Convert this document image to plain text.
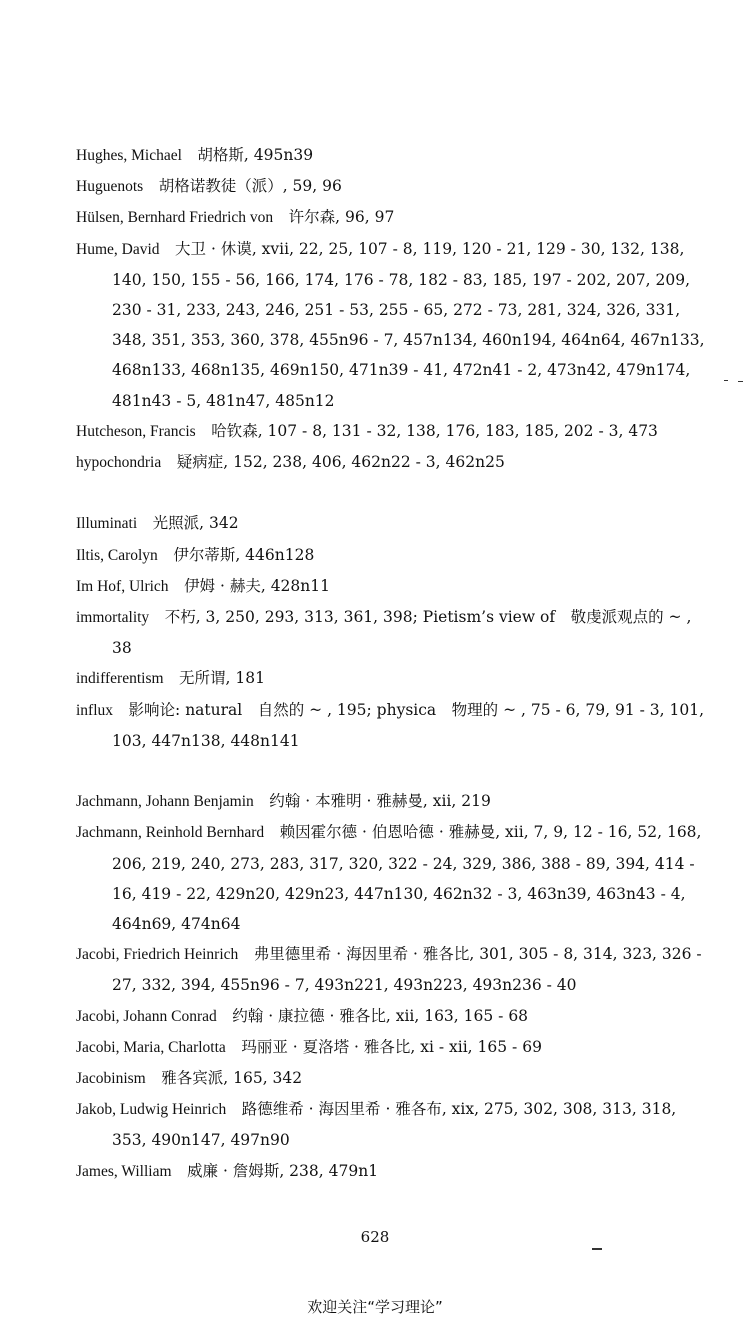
Hughes, Michael　 胡格斯, 495n39

Huguenots　 胡格诺教徒（派）, 59, 96

Hülsen, Bernhard Friedrich von　 许尔森, 96, 97

Hume, David　 大卫 · 休谟, xvii, 22, 25, 107 - 8, 119, 120 - 21, 129 - 30, 132, 138, 140, 150, 155 - 56, 166, 174, 176 - 78, 182 - 83, 185, 197 - 202, 207, 209, 230 - 31, 233, 243, 246, 251 - 53, 255 - 65, 272 - 73, 281, 324, 326, 331, 348, 351, 353, 360, 378, 455n96 - 7, 457n134, 460n194, 464n64, 467n133, 468n133, 468n135, 469n150, 471n39 - 41, 472n41 - 2, 473n42, 479n174, 481n43 - 5, 481n47, 485n12

Hutcheson, Francis　 哈钦森, 107 - 8, 131 - 32, 138, 176, 183, 185, 202 - 3, 473

hypochondria　 疑病症, 152, 238, 406, 462n22 - 3, 462n25

Illuminati　 光照派, 342

Iltis, Carolyn　 伊尔蒂斯, 446n128

Im Hof, Ulrich　 伊姆 · 赫夫, 428n11

immortality　 不朽, 3, 250, 293, 313, 361, 398; Pietism’s view of　敬虔派观点的 ~ , 38

indifferentism　 无所谓, 181

influx　 影响论: natural　自然的 ~ , 195; physica　物理的 ~ , 75 - 6, 79, 91 - 3, 101, 103, 447n138, 448n141

Jachmann, Johann Benjamin　 约翰 · 本雅明 · 雅赫曼, xii, 219

Jachmann, Reinhold Bernhard　 赖因霍尔德 · 伯恩哈德 · 雅赫曼, xii, 7, 9, 12 - 16, 52, 168, 206, 219, 240, 273, 283, 317, 320, 322 - 24, 329, 386, 388 - 89, 394, 414 - 16, 419 - 22, 429n20, 429n23, 447n130, 462n32 - 3, 463n39, 463n43 - 4, 464n69, 474n64

Jacobi, Friedrich Heinrich　 弗里德里希 · 海因里希 · 雅各比, 301, 305 - 8, 314, 323, 326 - 27, 332, 394, 455n96 - 7, 493n221, 493n223, 493n236 - 40

Jacobi, Johann Conrad　 约翰 · 康拉德 · 雅各比, xii, 163, 165 - 68

Jacobi, Maria, Charlotta　 玛丽亚 · 夏洛塔 · 雅各比, xi - xii, 165 - 69

Jacobinism　 雅各宾派, 165, 342

Jakob, Ludwig Heinrich　 路德维希 · 海因里希 · 雅各布, xix, 275, 302, 308, 313, 318, 353, 490n147, 497n90

James, William　 威廉 · 詹姆斯, 238, 479n1

628
欢迎关注“学习理论”
